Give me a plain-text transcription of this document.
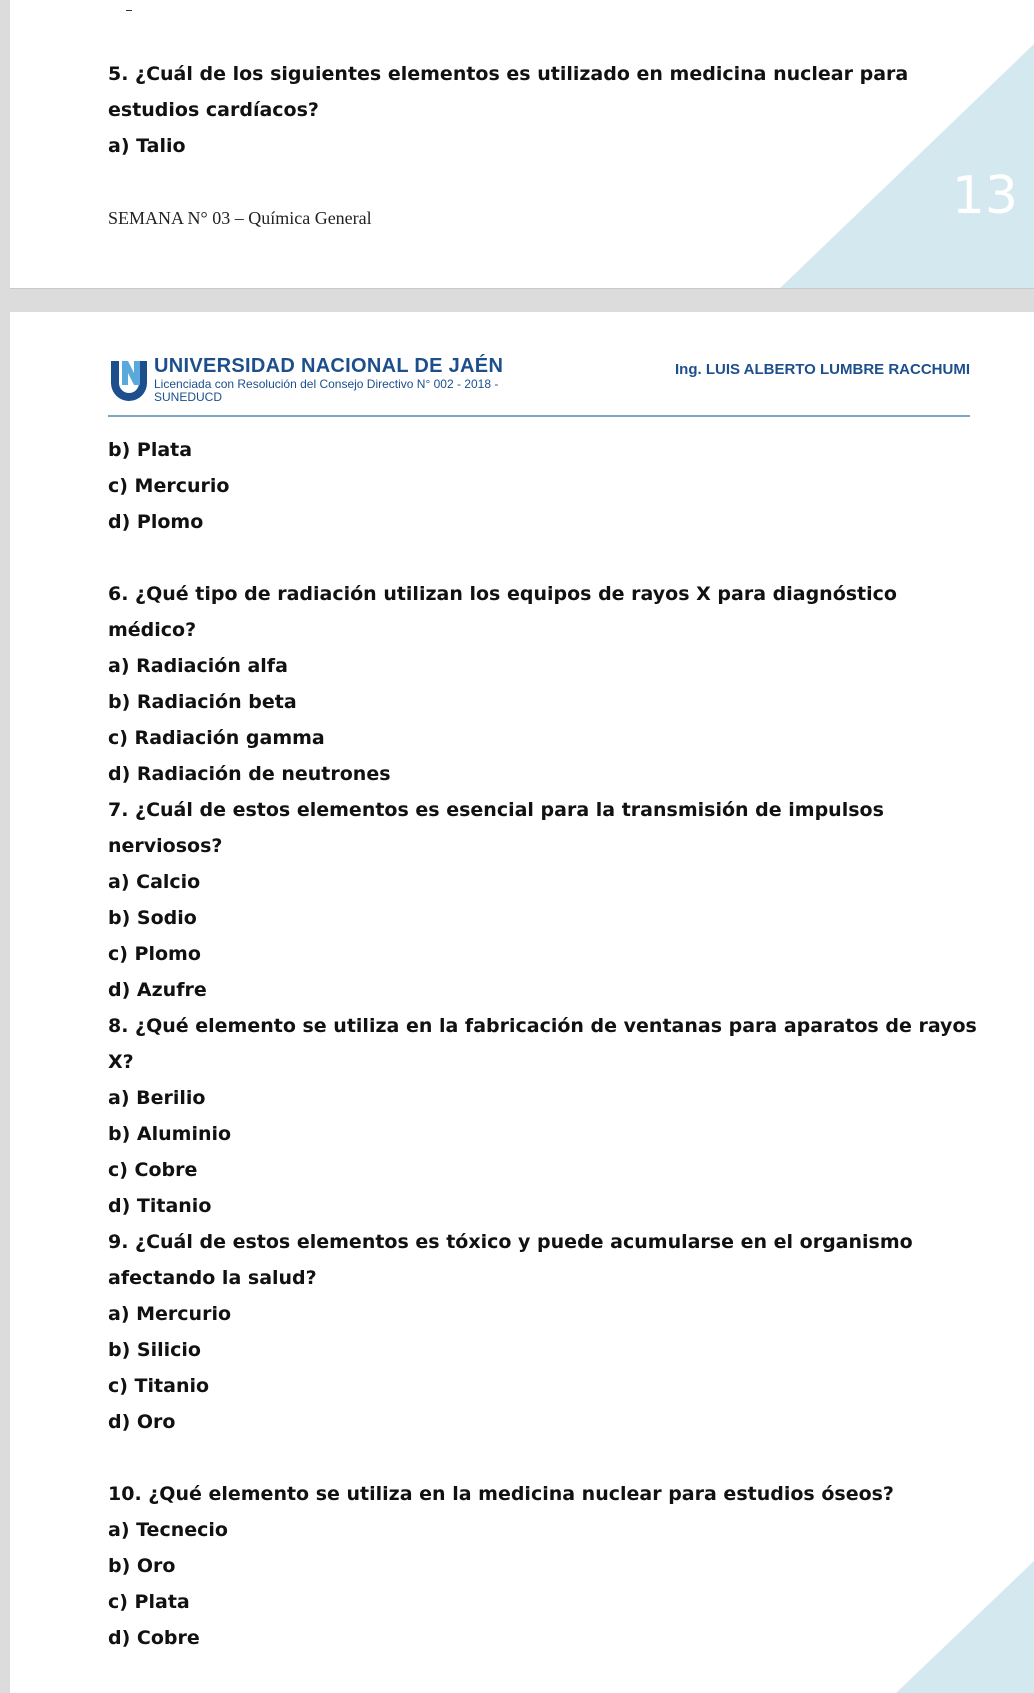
13

5. ¿Cuál de los siguientes elementos es utilizado en medicina nuclear para estudios cardíacos?

a) Talio

SEMANA N° 03 – Química General
UNIVERSIDAD NACIONAL DE JAÉN
Licenciada con Resolución del Consejo Directivo N° 002 - 2018 -
SUNEDUCD
Ing. LUIS ALBERTO LUMBRE RACCHUMI

b) Plata

c) Mercurio

d) Plomo

6. ¿Qué tipo de radiación utilizan los equipos de rayos X para diagnóstico médico?

a) Radiación alfa

b) Radiación beta

c) Radiación gamma

d) Radiación de neutrones

7. ¿Cuál de estos elementos es esencial para la transmisión de impulsos nerviosos?

a) Calcio

b) Sodio

c) Plomo

d) Azufre

8. ¿Qué elemento se utiliza en la fabricación de ventanas para aparatos de rayos X?

a) Berilio

b) Aluminio

c) Cobre

d) Titanio

9. ¿Cuál de estos elementos es tóxico y puede acumularse en el organismo afectando la salud?

a) Mercurio

b) Silicio

c) Titanio

d) Oro

10. ¿Qué elemento se utiliza en la medicina nuclear para estudios óseos?

a) Tecnecio

b) Oro

c) Plata

d) Cobre
